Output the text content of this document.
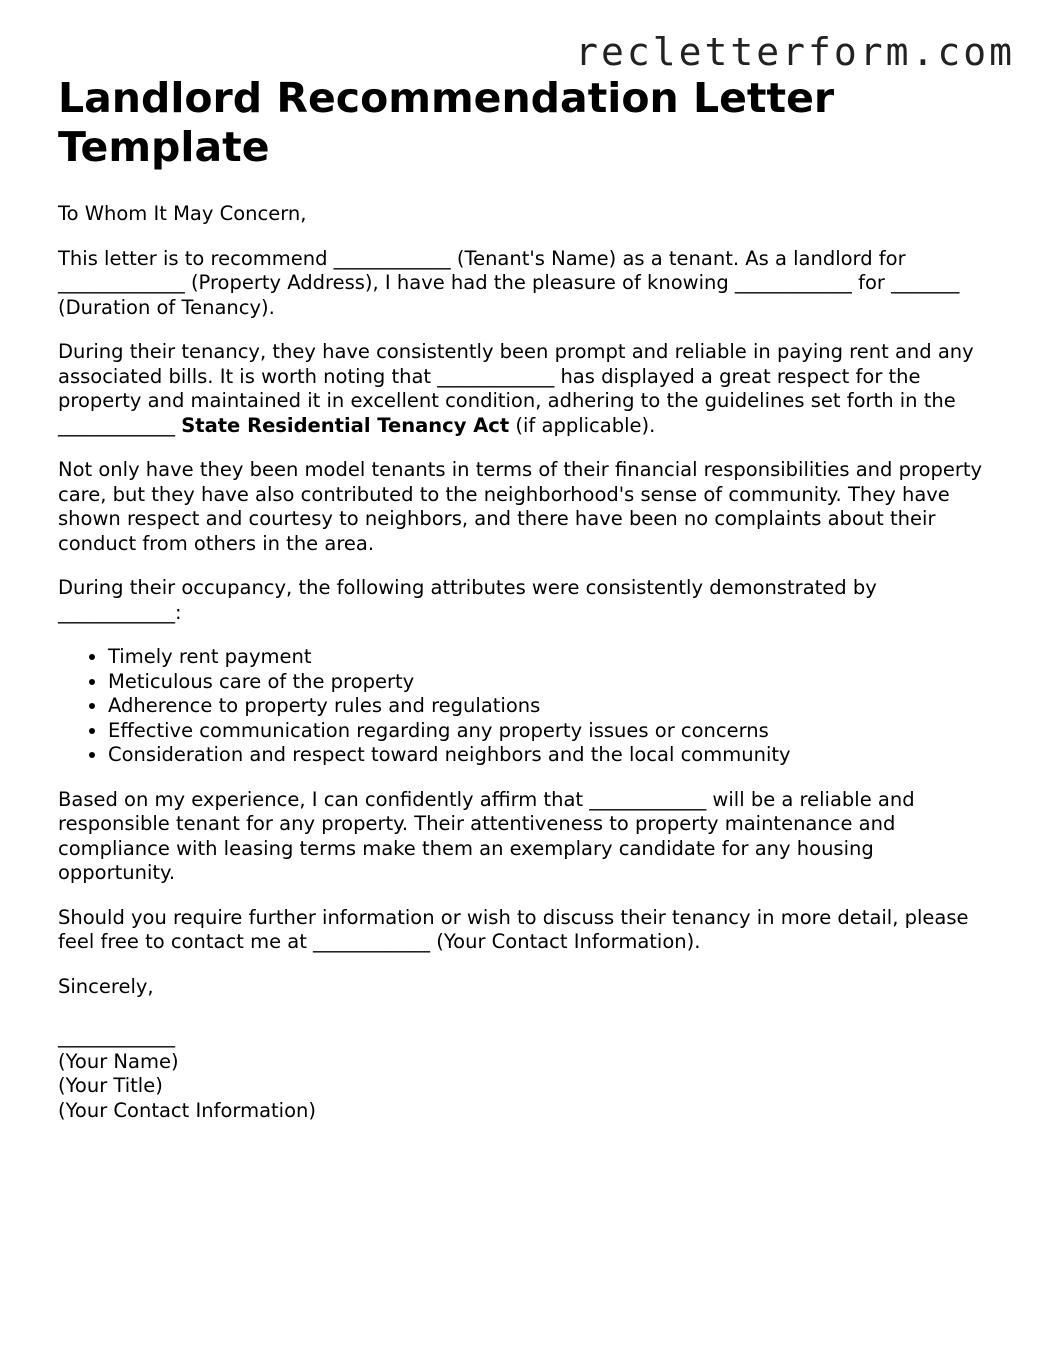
recletterform.com
Landlord Recommendation Letter Template

To Whom It May Concern,

This letter is to recommend ____________ (Tenant's Name) as a tenant. As a landlord for _____________ (Property Address), I have had the pleasure of knowing ____________ for _______ (Duration of Tenancy).

During their tenancy, they have consistently been prompt and reliable in paying rent and any associated bills. It is worth noting that ____________ has displayed a great respect for the property and maintained it in excellent condition, adhering to the guidelines set forth in the ____________ State Residential Tenancy Act (if applicable).

Not only have they been model tenants in terms of their financial responsibilities and property care, but they have also contributed to the neighborhood's sense of community. They have shown respect and courtesy to neighbors, and there have been no complaints about their conduct from others in the area.

During their occupancy, the following attributes were consistently demonstrated by ____________:

• Timely rent payment
• Meticulous care of the property
• Adherence to property rules and regulations
• Effective communication regarding any property issues or concerns
• Consideration and respect toward neighbors and the local community

Based on my experience, I can confidently affirm that ____________ will be a reliable and responsible tenant for any property. Their attentiveness to property maintenance and compliance with leasing terms make them an exemplary candidate for any housing opportunity.

Should you require further information or wish to discuss their tenancy in more detail, please feel free to contact me at ____________ (Your Contact Information).

Sincerely,

____________
(Your Name)
(Your Title)
(Your Contact Information)
